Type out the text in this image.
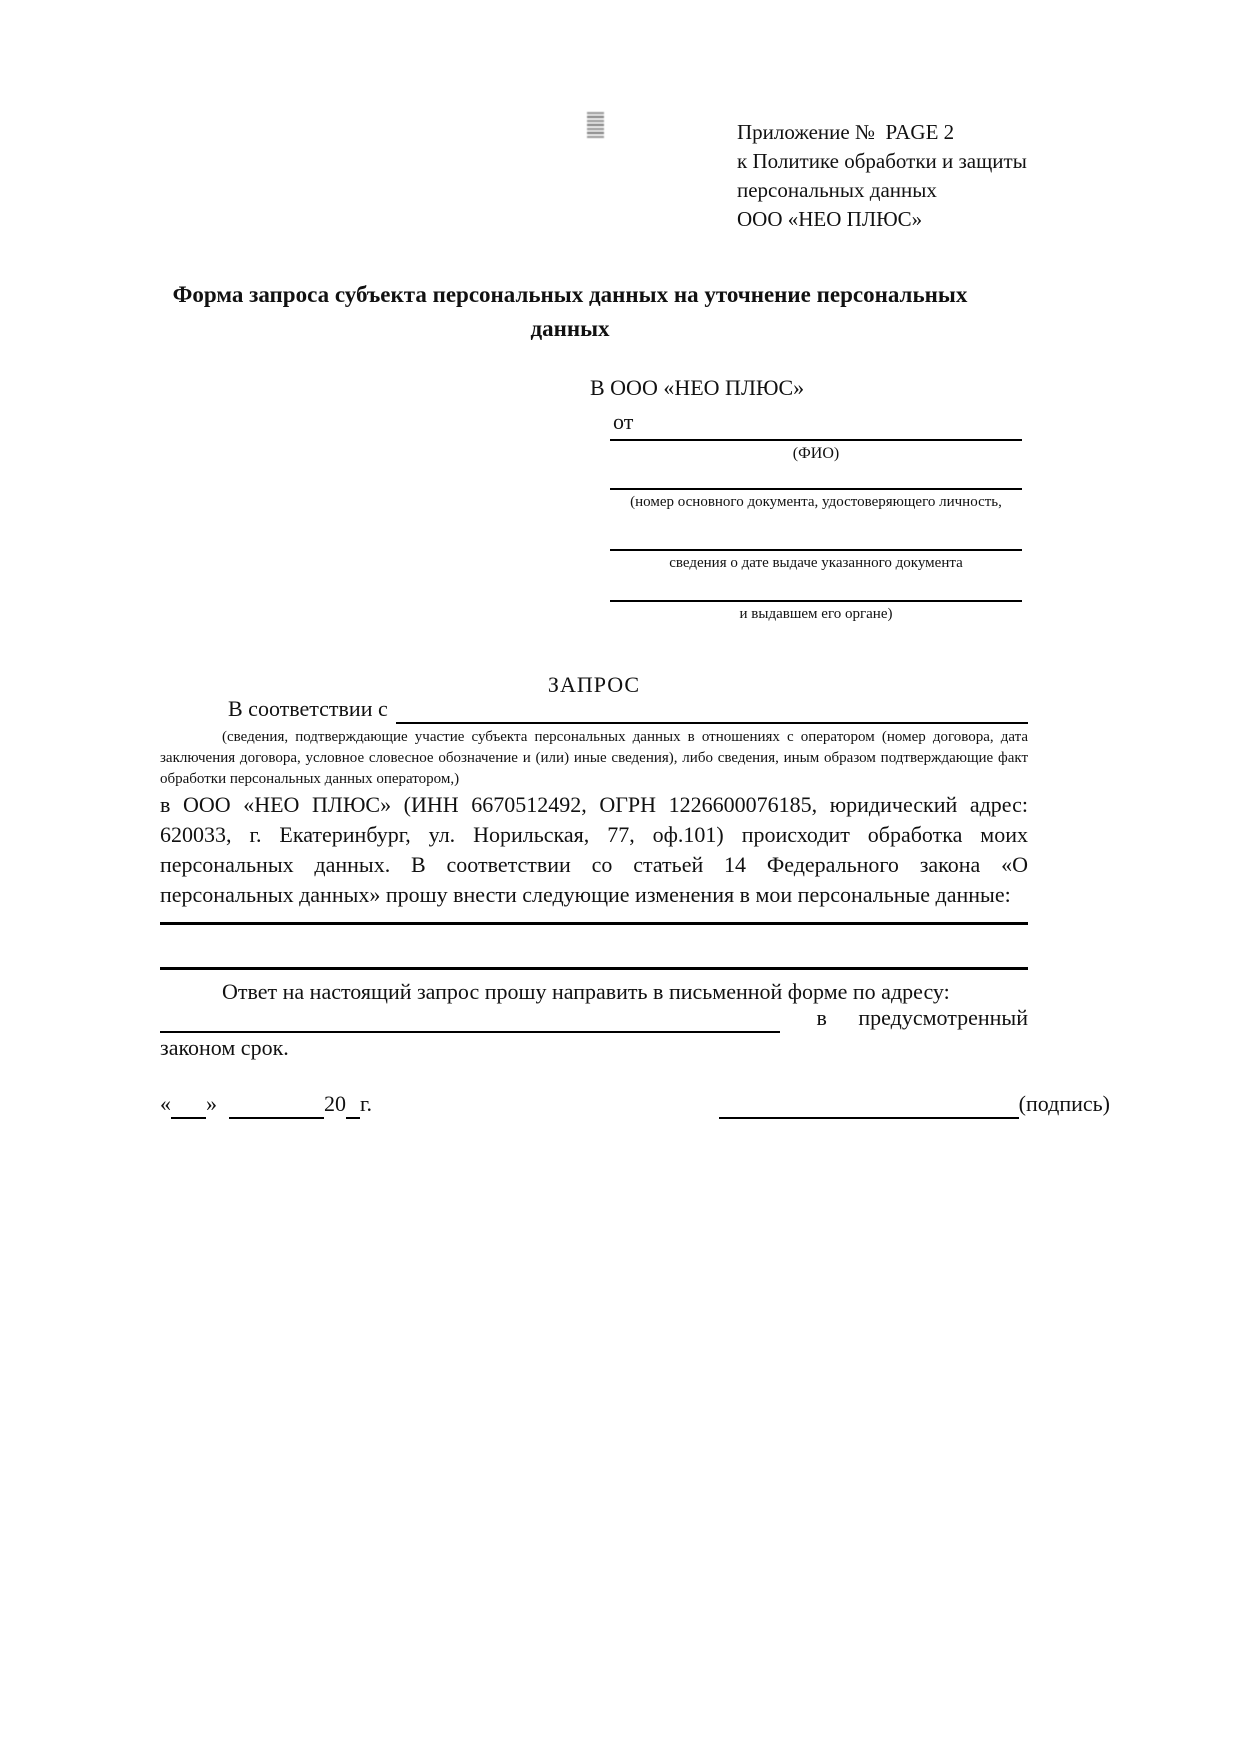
Приложение №  PAGE 2
к Политике обработки и защиты
персональных данных
ООО «НЕО ПЛЮС»
Форма запроса субъекта персональных данных на уточнение персональных данных
В ООО «НЕО ПЛЮС»
от
(ФИО)
(номер основного документа, удостоверяющего личность,
сведения о дате выдаче указанного документа
и выдавшем его органе)
ЗАПРОС
В соответствии с
(сведения, подтверждающие участие субъекта персональных данных в отношениях с оператором (номер договора, дата заключения договора, условное словесное обозначение и (или) иные сведения), либо сведения, иным образом подтверждающие факт обработки персональных данных оператором,)
в ООО «НЕО ПЛЮС» (ИНН 6670512492, ОГРН 1226600076185, юридический адрес: 620033, г. Екатеринбург, ул. Норильская, 77, оф.101) происходит обработка моих персональных данных. В соответствии со статьей 14 Федерального закона «О персональных данных» прошу внести следующие изменения в мои персональные данные:
Ответ на настоящий запрос прошу направить в письменной форме по адресу:
в предусмотренный
законом срок.
« »	20 г.	(подпись)
